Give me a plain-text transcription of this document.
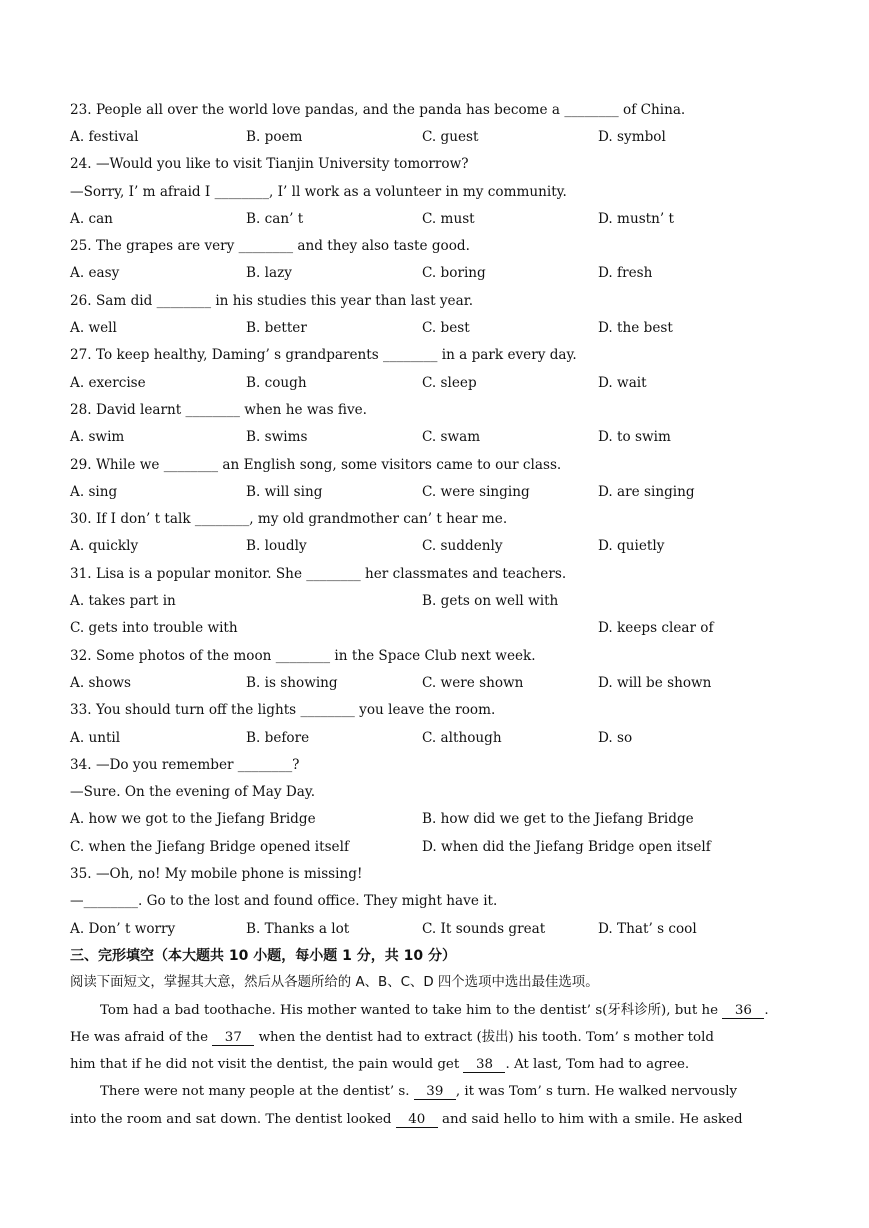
23. People all over the world love pandas, and the panda has become a ________ of China.
A. festival	B. poem	C. guest	D. symbol
24. —Would you like to visit Tianjin University tomorrow?
—Sorry, I’ m afraid I ________, I’ ll work as a volunteer in my community.
A. can	B. can’ t	C. must	D. mustn’ t
25. The grapes are very ________ and they also taste good.
A. easy	B. lazy	C. boring	D. fresh
26. Sam did ________ in his studies this year than last year.
A. well	B. better	C. best	D. the best
27. To keep healthy, Daming’ s grandparents ________ in a park every day.
A. exercise	B. cough	C. sleep	D. wait
28. David learnt ________ when he was five.
A. swim	B. swims	C. swam	D. to swim
29. While we ________ an English song, some visitors came to our class.
A. sing	B. will sing	C. were singing	D. are singing
30. If I don’ t talk ________, my old grandmother can’ t hear me.
A. quickly	B. loudly	C. suddenly	D. quietly
31. Lisa is a popular monitor. She ________ her classmates and teachers.
A. takes part in	B. gets on well with
C. gets into trouble with	D. keeps clear of
32. Some photos of the moon ________ in the Space Club next week.
A. shows	B. is showing	C. were shown	D. will be shown
33. You should turn off the lights ________ you leave the room.
A. until	B. before	C. although	D. so
34. —Do you remember ________?
—Sure. On the evening of May Day.
A. how we got to the Jiefang Bridge	B. how did we get to the Jiefang Bridge
C. when the Jiefang Bridge opened itself	D. when did the Jiefang Bridge open itself
35. —Oh, no! My mobile phone is missing!
—________. Go to the lost and found office. They might have it.
A. Don’ t worry	B. Thanks a lot	C. It sounds great	D. That’ s cool
三、完形填空（本大题共 10 小题，每小题 1 分，共 10 分）
阅读下面短文，掌握其大意，然后从各题所给的 A、B、C、D 四个选项中选出最佳选项。
Tom had a bad toothache. His mother wanted to take him to the dentist’ s(牙科诊所), but he 36 .
He was afraid of the 37 when the dentist had to extract (拔出) his tooth. Tom’ s mother told
him that if he did not visit the dentist, the pain would get 38 . At last, Tom had to agree.
There were not many people at the dentist’ s. 39 , it was Tom’ s turn. He walked nervously
into the room and sat down. The dentist looked 40 and said hello to him with a smile. He asked
